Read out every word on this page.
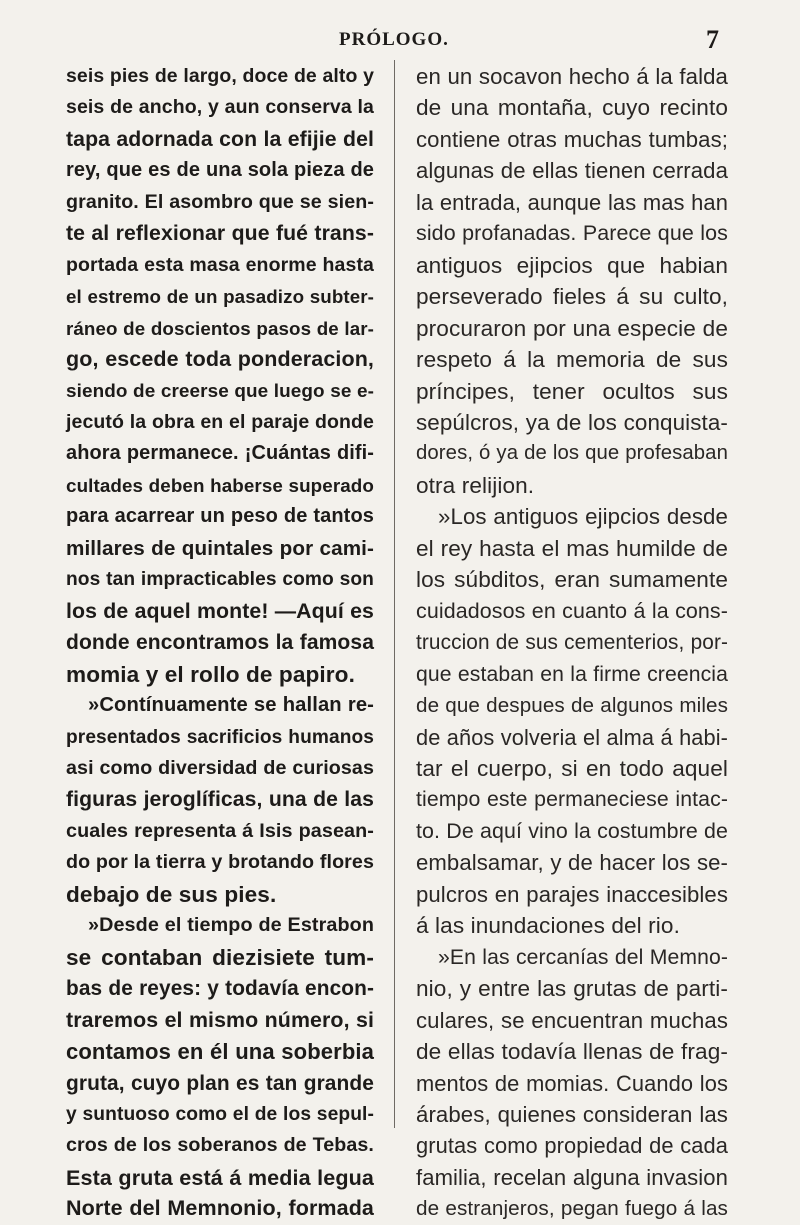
PRÓLOGO.	7
seis pies de largo, doce de alto y
seis de ancho, y aun conserva la
tapa adornada con la efijie del
rey, que es de una sola pieza de
granito. El asombro que se sien-
te al reflexionar que fué trans-
portada esta masa enorme hasta
el estremo de un pasadizo subter-
ráneo de doscientos pasos de lar-
go, escede toda ponderacion,
siendo de creerse que luego se e-
jecutó la obra en el paraje donde
ahora permanece. ¡Cuántas difi-
cultades deben haberse superado
para acarrear un peso de tantos
millares de quintales por cami-
nos tan impracticables como son
los de aquel monte! —Aquí es
donde encontramos la famosa
momia y el rollo de papiro.
»Contínuamente se hallan re-
presentados sacrificios humanos
asi como diversidad de curiosas
figuras jeroglíficas, una de las
cuales representa á Isis pasean-
do por la tierra y brotando flores
debajo de sus pies.
»Desde el tiempo de Estrabon
se contaban diezisiete tum-
bas de reyes: y todavía encon-
traremos el mismo número, si
contamos en él una soberbia
gruta, cuyo plan es tan grande
y suntuoso como el de los sepul-
cros de los soberanos de Tebas.
Esta gruta está á media legua
Norte del Memnonio, formada
en un socavon hecho á la falda
de una montaña, cuyo recinto
contiene otras muchas tumbas;
algunas de ellas tienen cerrada
la entrada, aunque las mas han
sido profanadas. Parece que los
antiguos ejipcios que habian
perseverado fieles á su culto,
procuraron por una especie de
respeto á la memoria de sus
príncipes, tener ocultos sus
sepúlcros, ya de los conquista-
dores, ó ya de los que profesaban
otra relijion.
»Los antiguos ejipcios desde
el rey hasta el mas humilde de
los súbditos, eran sumamente
cuidadosos en cuanto á la cons-
truccion de sus cementerios, por-
que estaban en la firme creencia
de que despues de algunos miles
de años volveria el alma á habi-
tar el cuerpo, si en todo aquel
tiempo este permaneciese intac-
to. De aquí vino la costumbre de
embalsamar, y de hacer los se-
pulcros en parajes inaccesibles
á las inundaciones del rio.
»En las cercanías del Memno-
nio, y entre las grutas de parti-
culares, se encuentran muchas
de ellas todavía llenas de frag-
mentos de momias. Cuando los
árabes, quienes consideran las
grutas como propiedad de cada
familia, recelan alguna invasion
de estranjeros, pegan fuego á las
